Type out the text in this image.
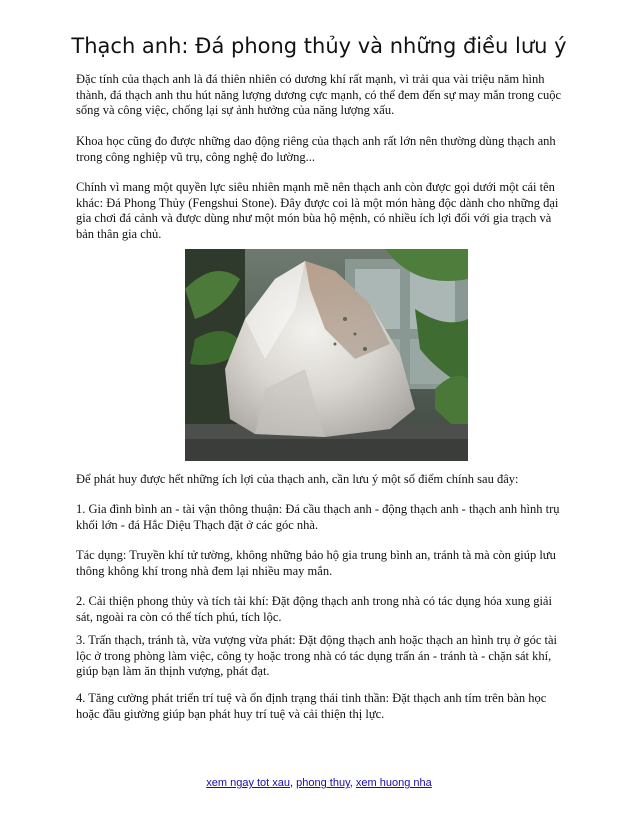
Thạch anh: Đá phong thủy và những điều lưu ý

Đặc tính của thạch anh là đá thiên nhiên có dương khí rất mạnh, vì trải qua vài triệu năm hình thành, đá thạch anh thu hút năng lượng dương cực mạnh, có thể đem đến sự may mắn trong cuộc sống và công việc, chống lại sự ảnh hưởng của năng lượng xấu.

Khoa học cũng đo được những dao động riêng của thạch anh rất lớn nên thường dùng thạch anh trong công nghiệp vũ trụ, công nghệ đo lường...

Chính vì mang một quyền lực siêu nhiên mạnh mẽ nên thạch anh còn được gọi dưới một cái tên khác: Đá Phong Thủy (Fengshui Stone). Đây được coi là một món hàng độc dành cho những đại gia chơi đá cảnh và được dùng như một món bùa hộ mệnh, có nhiều ích lợi đối với gia trạch và bản thân gia chủ.

Để phát huy được hết những ích lợi của thạch anh, cần lưu ý một số điểm chính sau đây:

1. Gia đình bình an - tài vận thông thuận: Đá cầu thạch anh - động thạch anh - thạch anh hình trụ khối lớn - đá Hắc Diệu Thạch đặt ở các góc nhà.

Tác dụng: Truyền khí tử tường, không những bảo hộ gia trung bình an, tránh tà mà còn giúp lưu thông không khí trong nhà đem lại nhiều may mắn.

2. Cải thiện phong thủy và tích tài khí: Đặt động thạch anh trong nhà có tác dụng hóa xung giải sát, ngoài ra còn có thể tích phú, tích lộc.

3. Trấn thạch, tránh tà, vừa vượng vừa phát: Đặt động thạch anh hoặc thạch an hình trụ ở góc tài lộc ở trong phòng làm việc, công ty hoặc trong nhà có tác dụng trấn án - tránh tà - chặn sát khí, giúp bạn làm ăn thịnh vượng, phát đạt.

4. Tăng cường phát triển trí tuệ và ổn định trạng thái tinh thần: Đặt thạch anh tím trên bàn học hoặc đầu giường giúp bạn phát huy trí tuệ và cải thiện thị lực.

xem ngay tot xau, phong thuy, xem huong nha
